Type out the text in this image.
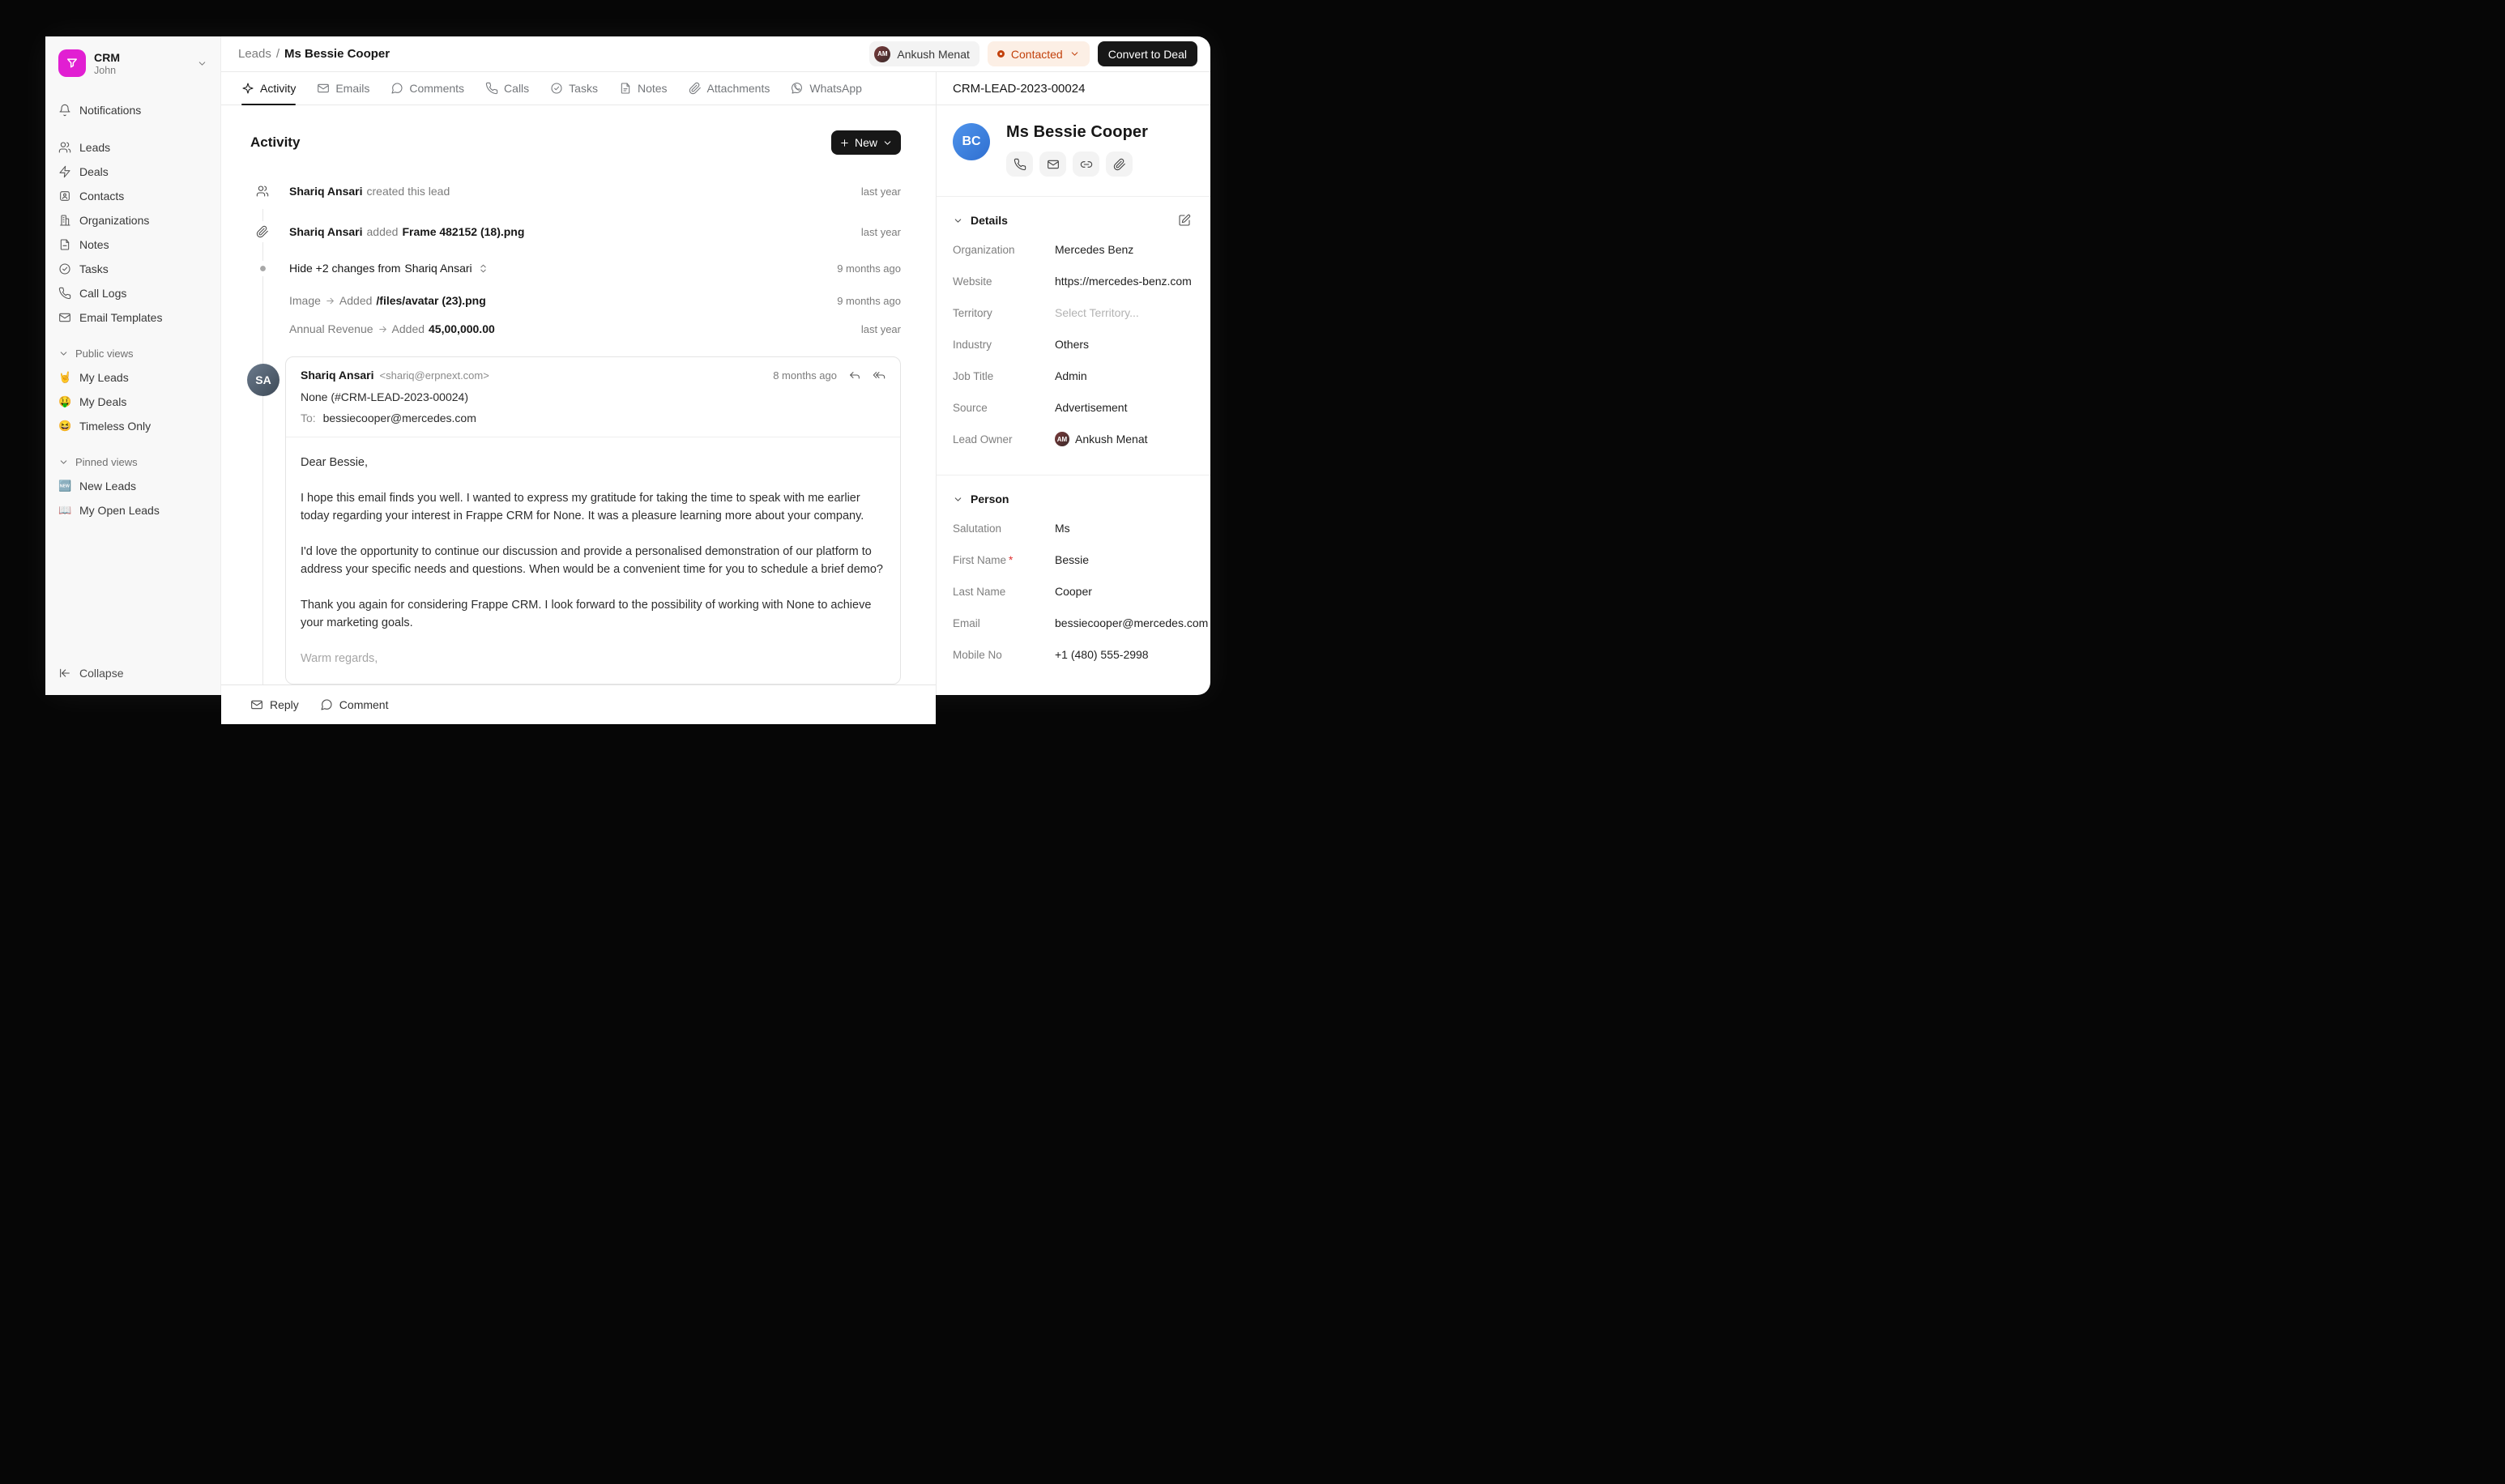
CRM
John
Notifications
Leads
Deals
Contacts
Organizations
Notes
Tasks
Call Logs
Email Templates
Public views
🤘 My Leads
🤑 My Deals
😆 Timeless Only
Pinned views
🆕 New Leads
📖 My Open Leads
Collapse
Leads / Ms Bessie Cooper	AM Ankush Menat	Contacted	Convert to Deal
Activity	Emails	Comments	Calls	Tasks	Notes	Attachments	WhatsApp
Activity	New
Shariq Ansari created this lead	last year
Shariq Ansari added Frame 482152 (18).png	last year
Hide +2 changes from Shariq Ansari	9 months ago
Image Added /files/avatar (23).png	9 months ago
Annual Revenue Added 45,00,000.00	last year
SA	Shariq Ansari <shariq@erpnext.com>	8 months ago
None (#CRM-LEAD-2023-00024)
To: bessiecooper@mercedes.com

Dear Bessie,

I hope this email finds you well. I wanted to express my gratitude for taking the time to speak with me earlier today regarding your interest in Frappe CRM for None. It was a pleasure learning more about your company.

I'd love the opportunity to continue our discussion and provide a personalised demonstration of our platform to address your specific needs and questions. When would be a convenient time for you to schedule a brief demo?

Thank you again for considering Frappe CRM. I look forward to the possibility of working with None to achieve your marketing goals.

Warm regards,

Reply	Comment
CRM-LEAD-2023-00024
BC
Ms Bessie Cooper
Details
Organization	Mercedes Benz
Website	https://mercedes-benz.com
Territory	Select Territory...
Industry	Others
Job Title	Admin
Source	Advertisement
Lead Owner	AM Ankush Menat
Person
Salutation	Ms
First Name *	Bessie
Last Name	Cooper
Email	bessiecooper@mercedes.com
Mobile No	+1 (480) 555-2998
